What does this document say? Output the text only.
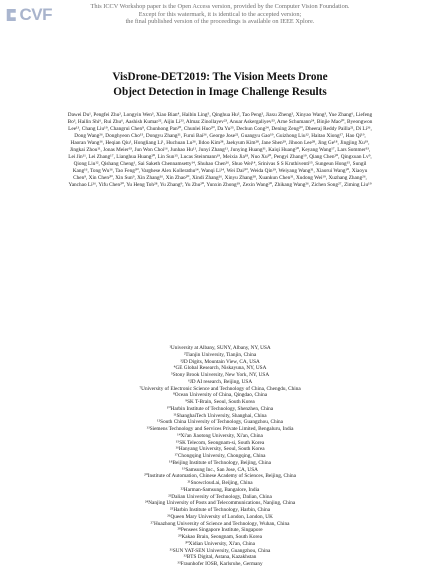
CVF	This ICCV Workshop paper is the Open Access version, provided by the Computer Vision Foundation.
Except for this watermark, it is identical to the accepted version;
the final published version of the proceedings is available on IEEE Xplore.
VisDrone-DET2019: The Vision Meets Drone
Object Detection in Image Challenge Results
Dawei Du¹, Pengfei Zhu², Longyin Wen³, Xiao Bian⁴, Haibin Ling⁵, Qinghua Hu², Tao Peng², Jiaxu Zheng², Xinyao Wang³, Yue Zhang⁶, Liefeng Bo³, Hailin Shi⁶, Rui Zhu⁶, Aashish Kumar²², Aijin Li²³, Almaz Zinollayev²³, Anuar Askergaliyev²³, Arne Schumann²⁴, Binjie Mao²⁰, Byeongwon Lee¹³, Chang Liu¹⁹, Changrui Chen⁹, Chunhong Pan²⁰, Chunlei Huo²⁰, Da Yu²⁵, Dechun Cong²⁴, Dening Zeng²⁰, Dheeraj Reddy Pailla²², Di Li²⁶, Dong Wang²⁶, Donghyeon Cho¹⁵, Dongyu Zhang²¹, Furui Bai²⁶, George Jose²², Guangyu Gao¹⁹, Guizhong Liu¹², Haitao Xiong¹⁷, Hao Qi¹⁹, Haoran Wang¹⁶, Heqian Qiu¹, Hongliang Li¹, Huchuan Lu²⁶, Ildoo Kim²⁸, Jaekyum Kim²⁸, Jane Shen²⁹, Jihoon Lee²⁸, Jing Ge¹⁸, Jingjing Xu¹⁹, Jingkai Zhou¹¹, Jonas Meier³³, Jun Won Choi¹⁶, Junhao Hu¹¹, Junyi Zhang¹¹, Junying Huang³¹, Kaiqi Huang²⁰, Keyang Wang¹⁷, Lars Sommer³³, Lei Jin¹¹, Lei Zhang¹⁷, Lianghua Huang²⁰, Lin Sun¹⁵, Lucas Steinmann¹⁹, Meixia Jia¹⁸, Nuo Xu²⁰, Pengyi Zhang¹⁹, Qiang Chen²⁰, Qingxuan Lv⁹, Qiong Liu¹², Qishang Cheng¹, Sai Saketh Chennamsetty¹⁴, Shuhao Chen²⁶, Shuo Wei¹⁴, Srinivas S S Kruthiventi¹⁵, Sungeun Hong¹⁵, Sungil Kang¹⁶, Tong Wu¹⁶, Tao Feng³⁰, Varghese Alex Kollerathu¹⁴, Wanqi Li¹⁴, Wei Dai³⁰, Weida Qin¹⁹, Weiyang Wang³¹, Xiaorui Wang¹⁰, Xiaoyu Chen⁹, Xin Chen²⁰, Xin Sun⁹, Xin Zhang²⁶, Xin Zhao²⁰, Xindi Zhang²⁶, Xinyu Zhang²⁸, Xuankun Chen³¹, Xudong Wei¹⁹, Xuzhang Zhang²⁶, Yanchao Li²⁶, Yifu Chen²⁰, Yu Heng Toh²⁸, Yu Zhang⁹, Yu Zhu²⁰, Yunxin Zhong¹⁹, Zexin Wang²⁰, Zhikang Wang²⁶, Zichen Song²⁷, Ziming Liu¹⁹
¹University at Albany, SUNY, Albany, NY, USA
²Tianjin University, Tianjin, China
³JD Digits, Mountain View, CA, USA
⁴GE Global Research, Niskayuna, NY, USA
⁵Stony Brook University, New York, NY, USA
⁶JD AI research, Beijing, USA
⁷University of Electronic Science and Technology of China, Chengdu, China
⁸Ocean University of China, Qingdao, China
⁹SK T-Brain, Seoul, South Korea
¹⁰Harbin Institute of Technology, Shenzhen, China
¹¹ShanghaiTech University, Shanghai, China
¹²South China University of Technology, Guangzhou, China
¹³Siemens Technology and Services Private Limited, Bengaluru, India
¹⁴Xi'an Jiaotong University, Xi'an, China
¹⁵SK Telecom, Seongnam-si, South Korea
¹⁶Hanyang University, Seoul, South Korea
¹⁷Chongqing University, Chongqing, China
¹⁸Beijing Institute of Technology, Beijing, China
¹⁹Samsung Inc., San Jose, CA, USA
²⁰Institute of Automation, Chinese Academy of Sciences, Beijing, China
²¹Snowcloud.ai, Beijing, China
²²Harman-Samsung, Bangalore, India
²³Dalian University of Technology, Dalian, China
²⁴Nanjing University of Posts and Telecommunications, Nanjing, China
²⁵Harbin Institute of Technology, Harbin, China
²⁶Queen Mary University of London, London, UK
²⁷Huazhong University of Science and Technology, Wuhan, China
²⁸Pensees Singapore Institute, Singapore
²⁹Kakao Brain, Seongnam, South Korea
³⁰Xidian University, Xi'an, China
³¹SUN YAT-SEN University, Guangzhou, China
³²BTS Digital, Astana, Kazakhstan
³³Fraunhofer IOSB, Karlsruhe, Germany
